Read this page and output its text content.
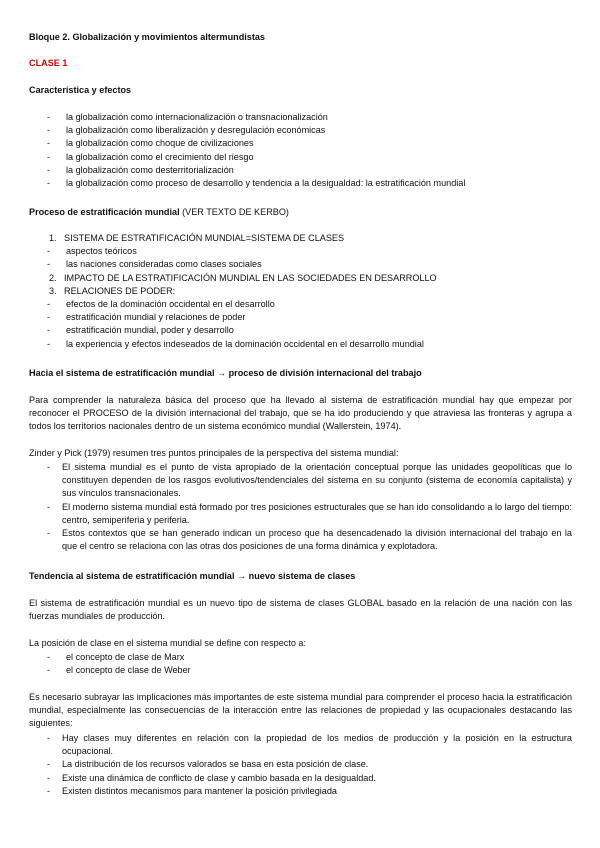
Bloque 2. Globalización y movimientos altermundistas

CLASE 1

Característica y efectos

- la globalización como internacionalización o transnacionalización
- la globalización como liberalización y desregulación económicas
- la globalización como choque de civilizaciones
- la globalización como el crecimiento del riesgo
- la globalización como desterritorialización
- la globalización como proceso de desarrollo y tendencia a la desigualdad: la estratificación mundial

Proceso de estratificación mundial (VER TEXTO DE KERBO)

1. SISTEMA DE ESTRATIFICACIÓN MUNDIAL=SISTEMA DE CLASES
- aspectos teóricos
- las naciones consideradas como clases sociales
2. IMPACTO DE LA ESTRATIFICACIÓN MUNDIAL EN LAS SOCIEDADES EN DESARROLLO
3. RELACIONES DE PODER:
- efectos de la dominación occidental en el desarrollo
- estratificación mundial y relaciones de poder
- estratificación mundial, poder y desarrollo
- la experiencia y efectos indeseados de la dominación occidental en el desarrollo mundial

Hacia el sistema de estratificación mundial → proceso de división internacional del trabajo

Para comprender la naturaleza básica del proceso que ha llevado al sistema de estratificación mundial hay que empezar por reconocer el PROCESO de la división internacional del trabajo, que se ha ido produciendo y que atraviesa las fronteras y agrupa a todos los territorios nacionales dentro de un sistema económico mundial (Wallerstein, 1974).

Zinder y Pick (1979) resumen tres puntos principales de la perspectiva del sistema mundial:

- El sistema mundial es el punto de vista apropiado de la orientación conceptual porque las unidades geopolíticas que lo constituyen dependen de los rasgos evolutivos/tendenciales del sistema en su conjunto (sistema de economía capitalista) y sus vínculos transnacionales.
- El moderno sistema mundial está formado por tres posiciones estructurales que se han ido consolidando a lo largo del tiempo: centro, semiperiferia y periferia.
- Estos contextos que se han generado indican un proceso que ha desencadenado la división internacional del trabajo en la que el centro se relaciona con las otras dos posiciones de una forma dinámica y explotadora.

Tendencia al sistema de estratificación mundial → nuevo sistema de clases

El sistema de estratificación mundial es un nuevo tipo de sistema de clases GLOBAL basado en la relación de una nación con las fuerzas mundiales de producción.

La posición de clase en el sistema mundial se define con respecto a:

- el concepto de clase de Marx
- el concepto de clase de Weber

Es necesario subrayar las implicaciones más importantes de este sistema mundial para comprender el proceso hacia la estratificación mundial, especialmente las consecuencias de la interacción entre las relaciones de propiedad y las ocupacionales destacando las siguientes:

- Hay clases muy diferentes en relación con la propiedad de los medios de producción y la posición en la estructura ocupacional.
- La distribución de los recursos valorados se basa en esta posición de clase.
- Existe una dinámica de conflicto de clase y cambio basada en la desigualdad.
- Existen distintos mecanismos para mantener la posición privilegiada
